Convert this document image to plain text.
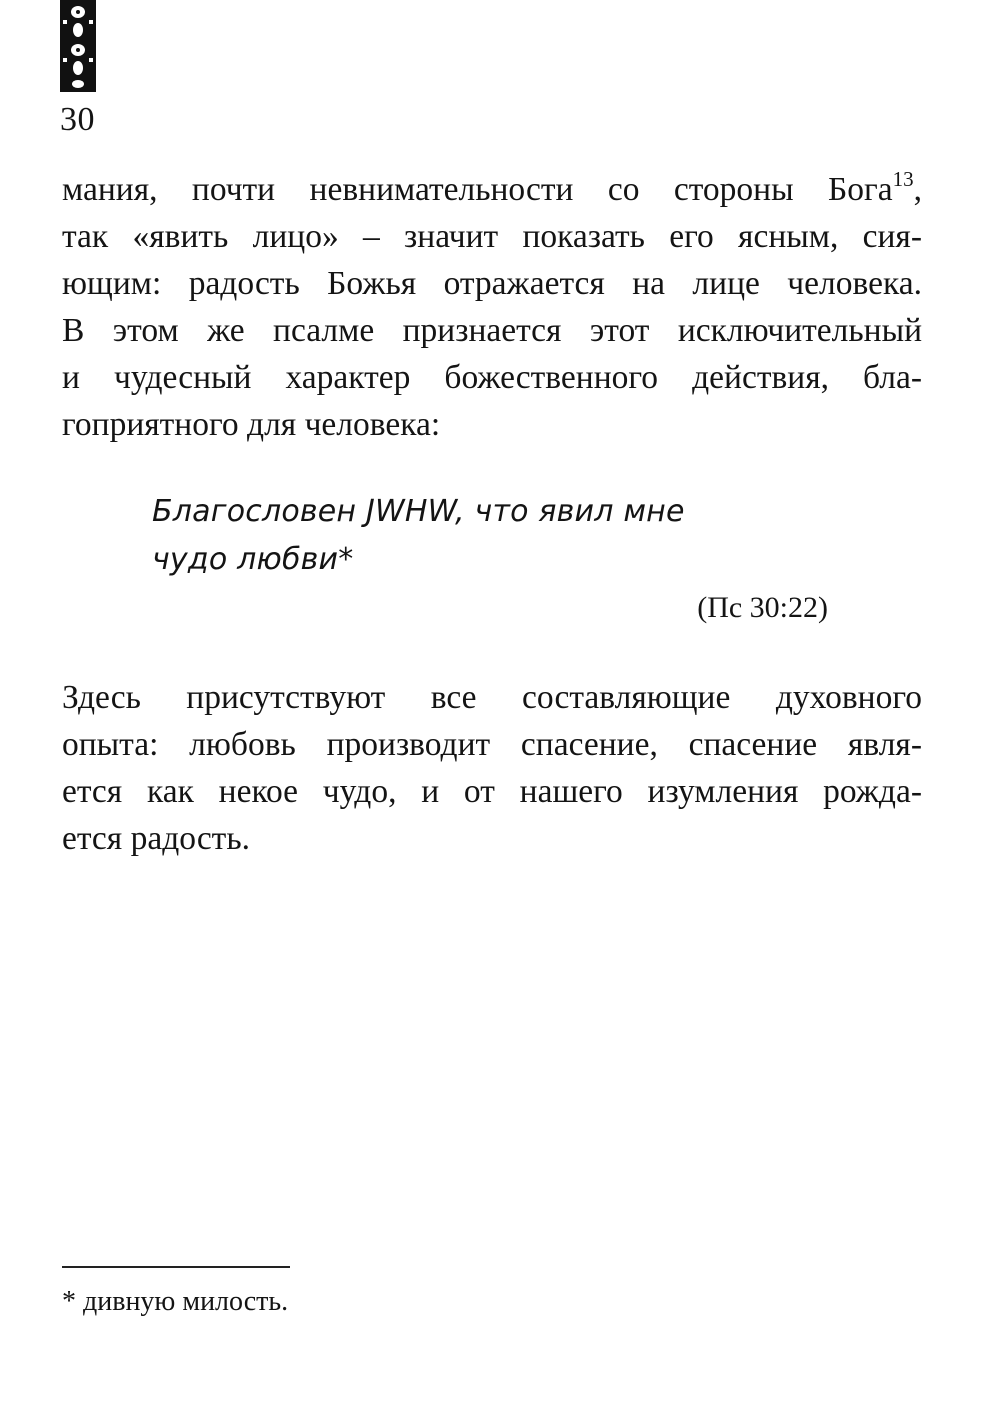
30
мания, почти невнимательности со стороны Бога$^{13}$,
так «явить лицо» – значит показать его ясным, сия-
ющим: радость Божья отражается на лице человека.
В этом же псалме признается этот исключительный
и чудесный характер божественного действия, бла-
гоприятного для человека:
Благословен JWHW, что явил мне
чудо любви*
(Пс 30:22)
Здесь присутствуют все составляющие духовного
опыта: любовь производит спасение, спасение явля-
ется как некое чудо, и от нашего изумления рожда-
ется радость.
* дивную милость.
